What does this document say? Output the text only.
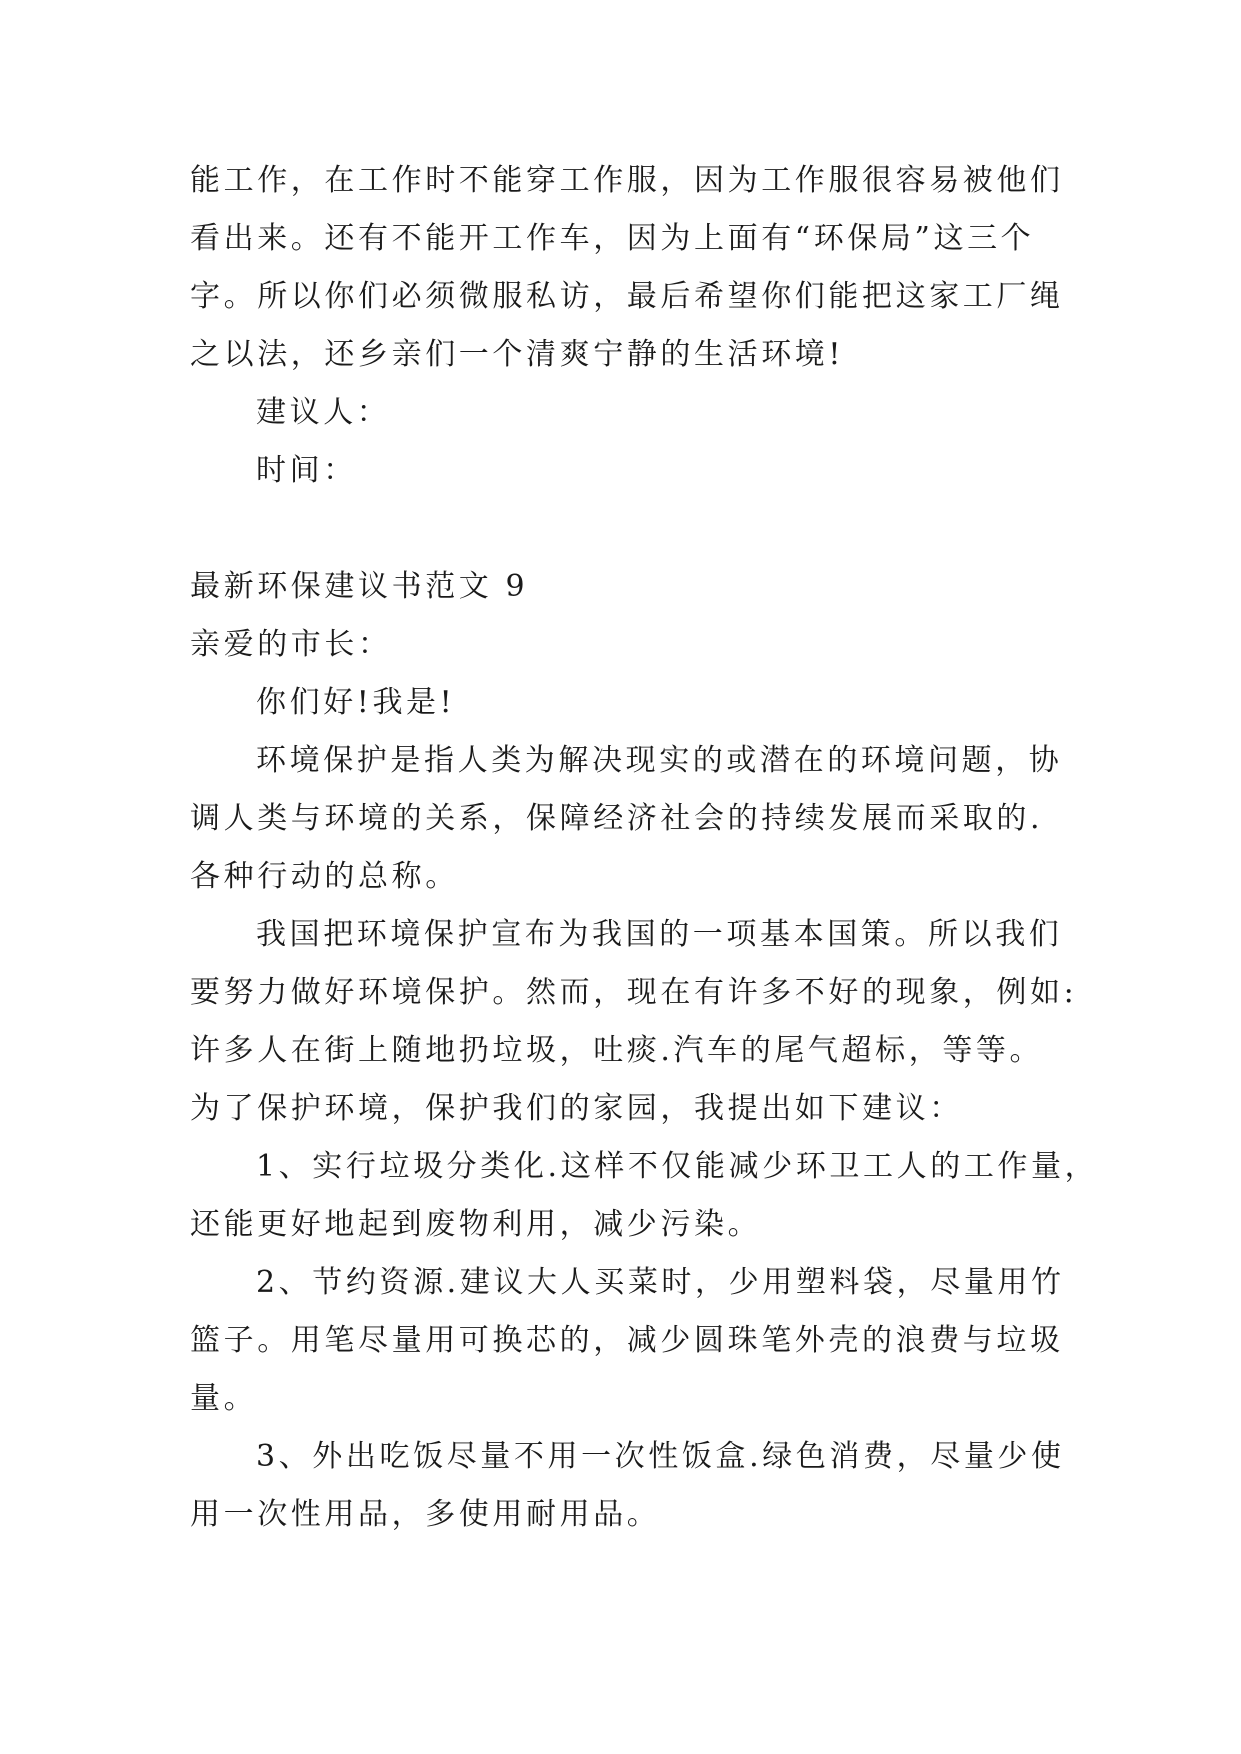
能工作，在工作时不能穿工作服，因为工作服很容易被他们
看出来。还有不能开工作车，因为上面有“环保局”这三个
字。所以你们必须微服私访，最后希望你们能把这家工厂绳
之以法，还乡亲们一个清爽宁静的生活环境!
建议人：
时间：
最新环保建议书范文 9
亲爱的市长：
你们好!我是!
环境保护是指人类为解决现实的或潜在的环境问题，协
调人类与环境的关系，保障经济社会的持续发展而采取的.
各种行动的总称。
我国把环境保护宣布为我国的一项基本国策。所以我们
要努力做好环境保护。然而，现在有许多不好的现象，例如:
许多人在街上随地扔垃圾，吐痰.汽车的尾气超标，等等。
为了保护环境，保护我们的家园，我提出如下建议：
1、实行垃圾分类化.这样不仅能减少环卫工人的工作量，
还能更好地起到废物利用，减少污染。
2、节约资源.建议大人买菜时，少用塑料袋，尽量用竹
篮子。用笔尽量用可换芯的，减少圆珠笔外壳的浪费与垃圾
量。
3、外出吃饭尽量不用一次性饭盒.绿色消费，尽量少使
用一次性用品，多使用耐用品。
